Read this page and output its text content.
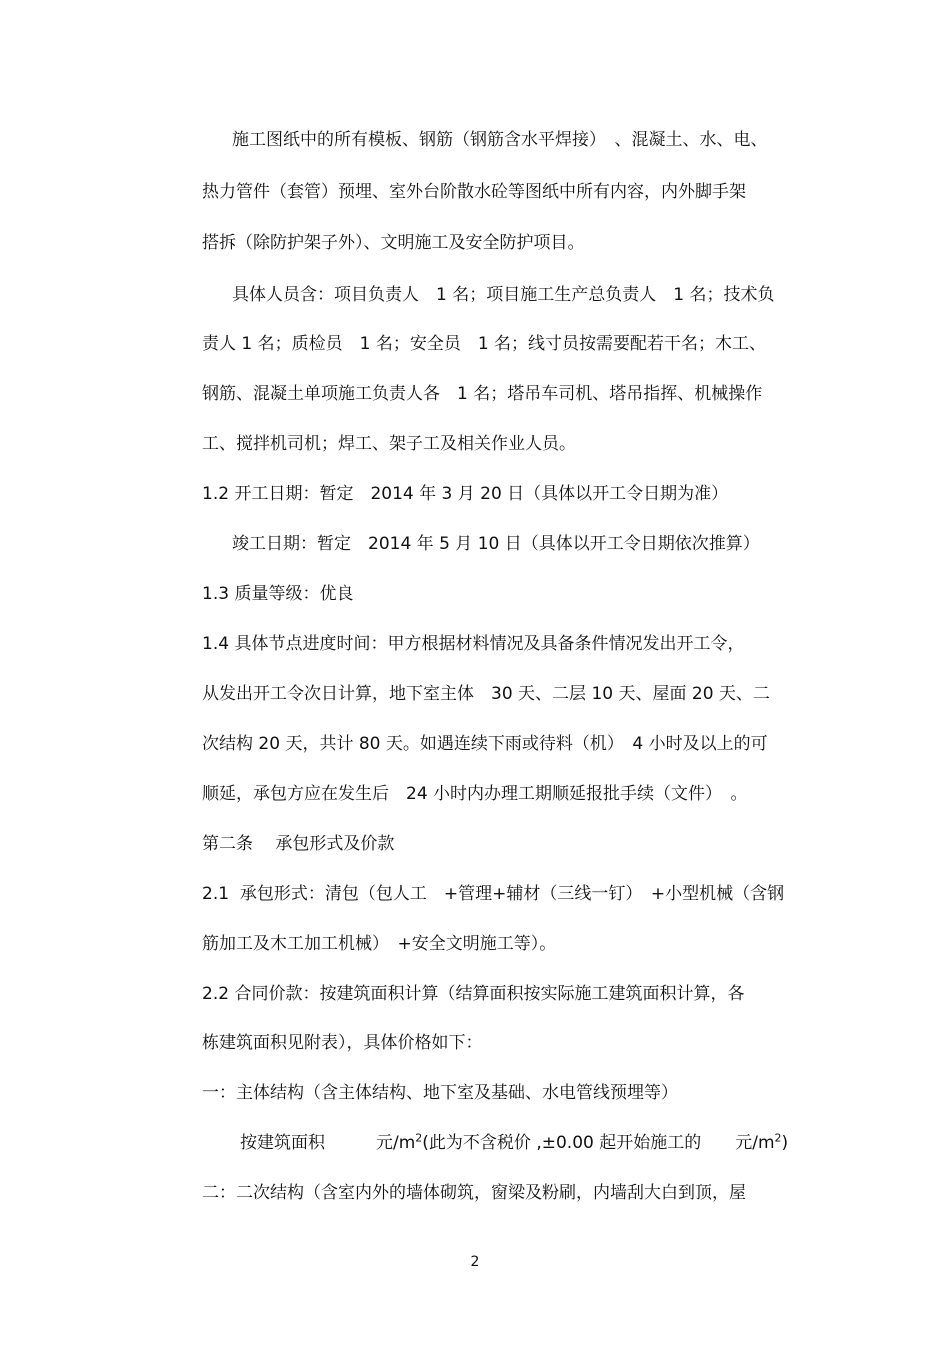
施工图纸中的所有模板、钢筋（钢筋含水平焊接）　、混凝土、水、电、

热力管件（套管）预埋、室外台阶散水砼等图纸中所有内容，内外脚手架

搭拆（除防护架子外）、文明施工及安全防护项目。

具体人员含：项目负责人　1 名；项目施工生产总负责人　1 名；技术负

责人 1 名；质检员　1 名；安全员　1 名；线寸员按需要配若干名；木工、

钢筋、混凝土单项施工负责人各　1 名；塔吊车司机、塔吊指挥、机械操作

工、搅拌机司机；焊工、架子工及相关作业人员。

1.2 开工日期：暂定　2014 年 3 月 20 日（具体以开工令日期为准）

竣工日期：暂定　2014 年 5 月 10 日（具体以开工令日期依次推算）

1.3 质量等级：优良

1.4 具体节点进度时间：甲方根据材料情况及具备条件情况发出开工令，

从发出开工令次日计算，地下室主体　30 天、二层 10 天、屋面 20 天、二

次结构 20 天，共计 80 天。如遇连续下雨或待料（机）　4 小时及以上的可

顺延，承包方应在发生后　24 小时内办理工期顺延报批手续（文件）　。

第二条　 承包形式及价款

2.1  承包形式：清包（包人工　+管理+辅材（三线一钉）　+小型机械（含钢

筋加工及木工加工机械）　+安全文明施工等）。

2.2 合同价款：按建筑面积计算（结算面积按实际施工建筑面积计算，各

栋建筑面积见附表），具体价格如下：

一：主体结构（含主体结构、地下室及基础、水电管线预埋等）

按建筑面积　　　元$/m^2$(此为不含税价 ,±0.00 起开始施工的　　元$/m^2$)

二：二次结构（含室内外的墙体砌筑，窗梁及粉刷，内墙刮大白到顶，屋

2
